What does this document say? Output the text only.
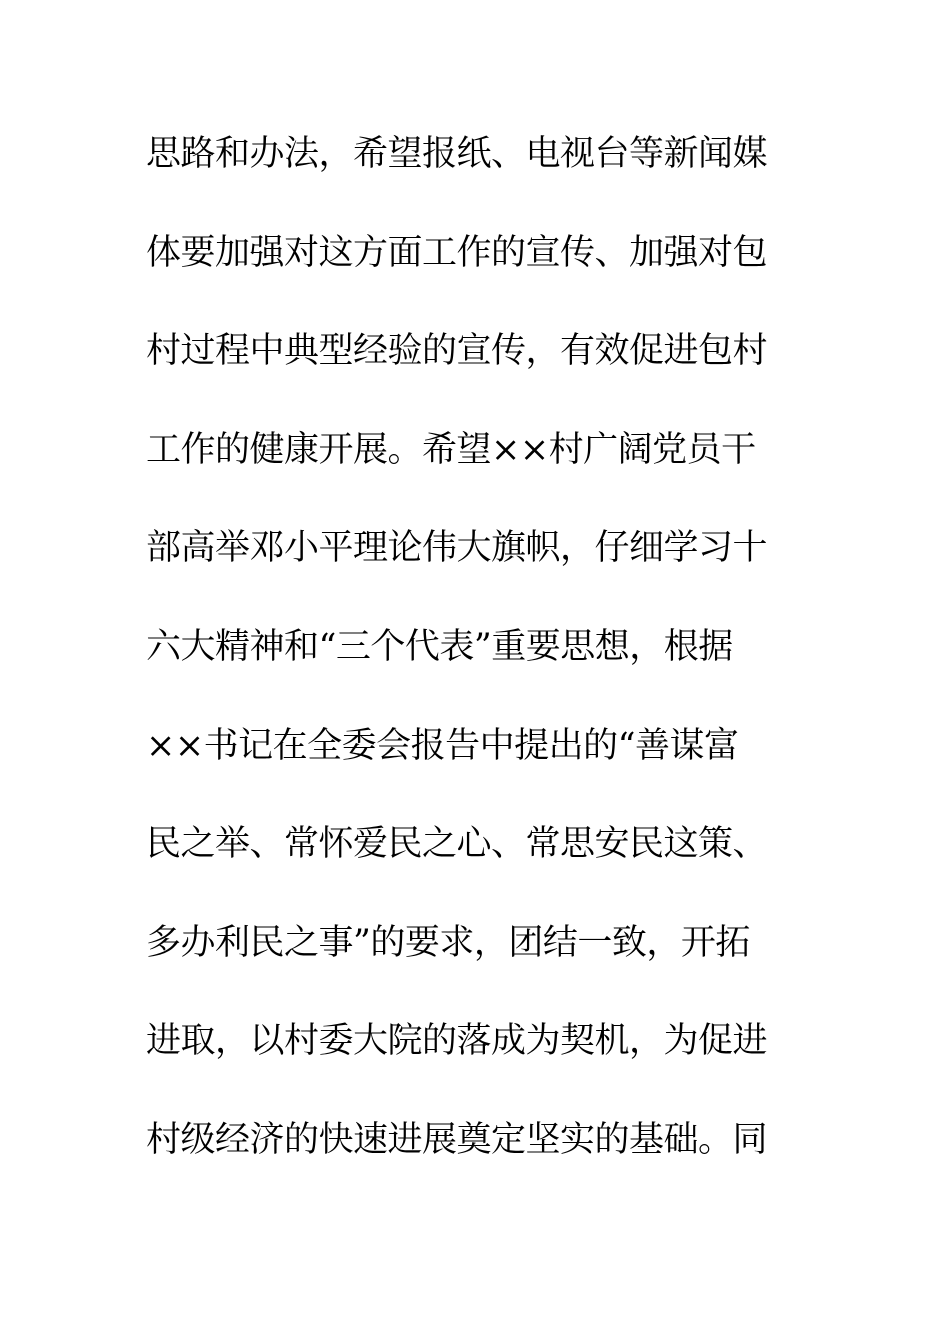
思路和办法，希望报纸、电视台等新闻媒
体要加强对这方面工作的宣传、加强对包
村过程中典型经验的宣传，有效促进包村
工作的健康开展。希望××村广阔党员干
部高举邓小平理论伟大旗帜，仔细学习十
六大精神和“三个代表”重要思想，根据
××书记在全委会报告中提出的“善谋富
民之举、常怀爱民之心、常思安民这策、
多办利民之事”的要求，团结一致，开拓
进取，以村委大院的落成为契机，为促进
村级经济的快速进展奠定坚实的基础。同
